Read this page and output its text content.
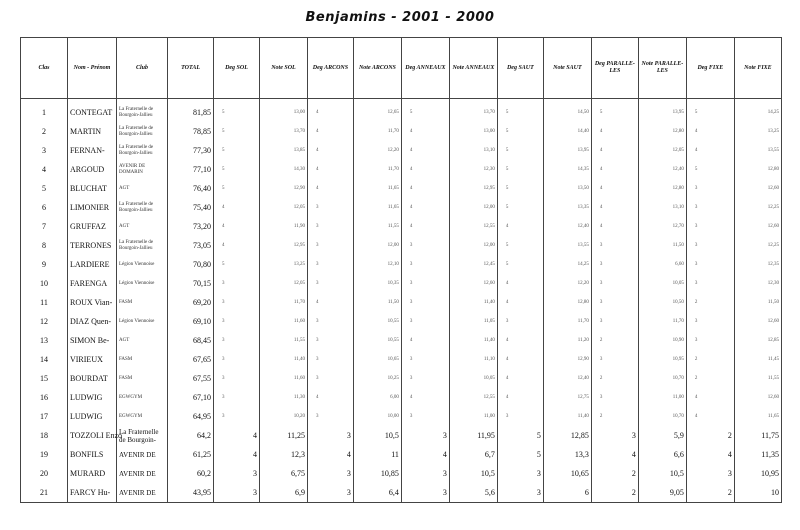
Benjamins - 2001 - 2000
Clas	Nom - Prénom	Club	TOTAL	Deg SOL	Note SOL	Deg ARCONS	Note ARCONS	Deg ANNEAUX	Note ANNEAUX	Deg SAUT	Note SAUT	Deg PARALLE-LES	Note PARALLE-LES	Deg FIXE	Note FIXE

1	CONTEGAT	La Fraternelle de Bourgoin-Jallieu	81,85	5	13,00	4	12,65	5	13,70	5	14,50	5	13,95	5	14,25
2	MARTIN	La Fraternelle de Bourgoin-Jallieu	78,85	5	13,70	4	11,70	4	13,00	5	14,40	4	12,80	4	13,25
3	FERNAN-	La Fraternelle de Bourgoin-Jallieu	77,30	5	13,85	4	12,20	4	13,10	5	13,95	4	12,05	4	13,55
4	ARGOUD	AVENIR DE DOMARIN	77,10	5	14,30	4	11,70	4	12,30	5	14,35	4	12,40	5	12,80
5	BLUCHAT	AGT	76,40	5	12,90	4	11,65	4	12,95	5	13,50	4	12,80	3	12,60
6	LIMONIER	La Fraternelle de Bourgoin-Jallieu	75,40	4	12,05	3	11,65	4	12,00	5	13,35	4	13,10	3	12,25
7	GRUFFAZ	AGT	73,20	4	11,90	3	11,55	4	12,55	4	12,40	4	12,70	3	12,60
8	TERRONES	La Fraternelle de Bourgoin-Jallieu	73,05	4	12,95	3	12,00	3	12,00	5	13,55	3	11,50	3	12,25
9	LARDIERE	Légion Viennoise	70,80	5	13,25	3	12,10	3	12,45	5	14,25	3	6,60	3	12,35
10	FARENGA	Légion Viennoise	70,15	3	12,05	3	10,35	3	12,60	4	12,20	3	10,05	3	12,30
11	ROUX Vian-	FASM	69,20	3	11,70	4	11,50	3	11,40	4	12,80	3	10,50	2	11,50
12	DIAZ Quen-	Légion Viennoise	69,10	3	11,60	3	10,55	3	11,05	3	11,70	3	11,70	3	12,60
13	SIMON Be-	AGT	68,45	3	11,55	3	10,55	4	11,40	4	11,20	2	10,90	3	12,85
14	VIRIEUX	FASM	67,65	3	11,40	3	10,65	3	11,10	4	12,90	3	10,95	2	11,45
15	BOURDAT	FASM	67,55	3	11,60	3	10,25	3	10,05	4	12,40	2	10,70	2	11,55
16	LUDWIG	EGWGYM	67,10	3	11,30	4	6,00	4	12,55	4	12,75	3	11,00	4	12,60
17	LUDWIG	EGWGYM	64,95	3	10,20	3	10,00	3	11,00	3	11,40	2	10,70	4	11,65
18	TOZZOLI Enzo	La Fraternelle de Bourgoin-	64,2	4	11,25	3	10,5	3	11,95	5	12,85	3	5,9	2	11,75
19	BONFILS	AVENIR DE	61,25	4	12,3	4	11	4	6,7	5	13,3	4	6,6	4	11,35
20	MURARD	AVENIR DE	60,2	3	6,75	3	10,85	3	10,5	3	10,65	2	10,5	3	10,95
21	FARCY Hu-	AVENIR DE	43,95	3	6,9	3	6,4	3	5,6	3	6	2	9,05	2	10
